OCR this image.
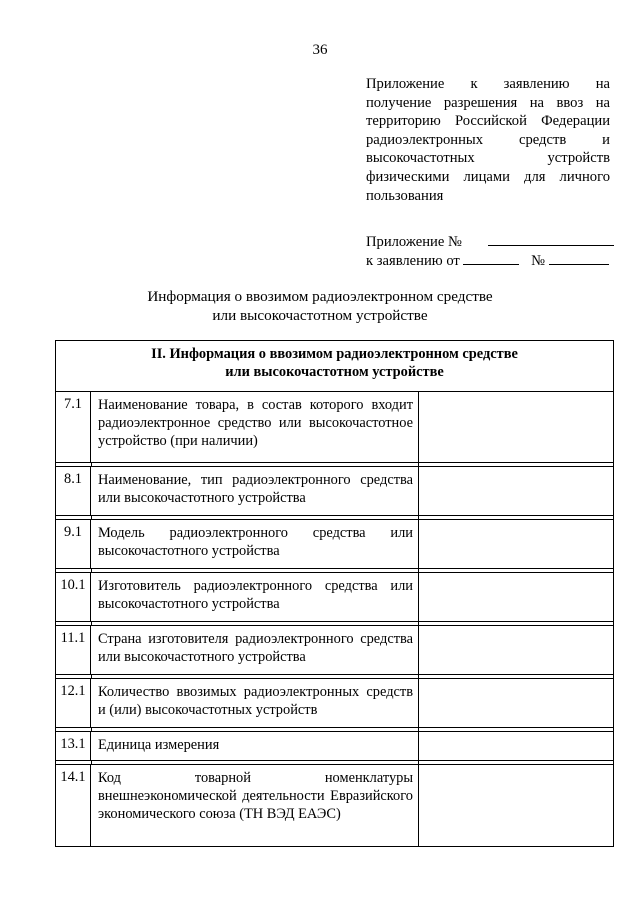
36
Приложение к заявлению на
получение разрешения на ввоз на
территорию Российской Федерации
радиоэлектронных средств и
высокочастотных устройств
физическими лицами для личного
пользования
Приложение №
к заявлению от	№
Информация о ввозимом радиоэлектронном средстве
или высокочастотном устройстве
II. Информация о ввозимом радиоэлектронном средстве
или высокочастотном устройстве
7.1	Наименование товара, в состав которого входит радиоэлектронное средство или высокочастотное устройство (при наличии)
8.1	Наименование, тип радиоэлектронного средства или высокочастотного устройства
9.1	Модель радиоэлектронного средства или высокочастотного устройства
10.1 Изготовитель радиоэлектронного средства или высокочастотного устройства
11.1 Страна изготовителя радиоэлектронного средства или высокочастотного устройства
12.1 Количество ввозимых радиоэлектронных средств и (или) высокочастотных устройств
13.1 Единица измерения
14.1 Код товарной номенклатуры внешнеэкономической деятельности Евразийского экономического союза (ТН ВЭД ЕАЭС)
